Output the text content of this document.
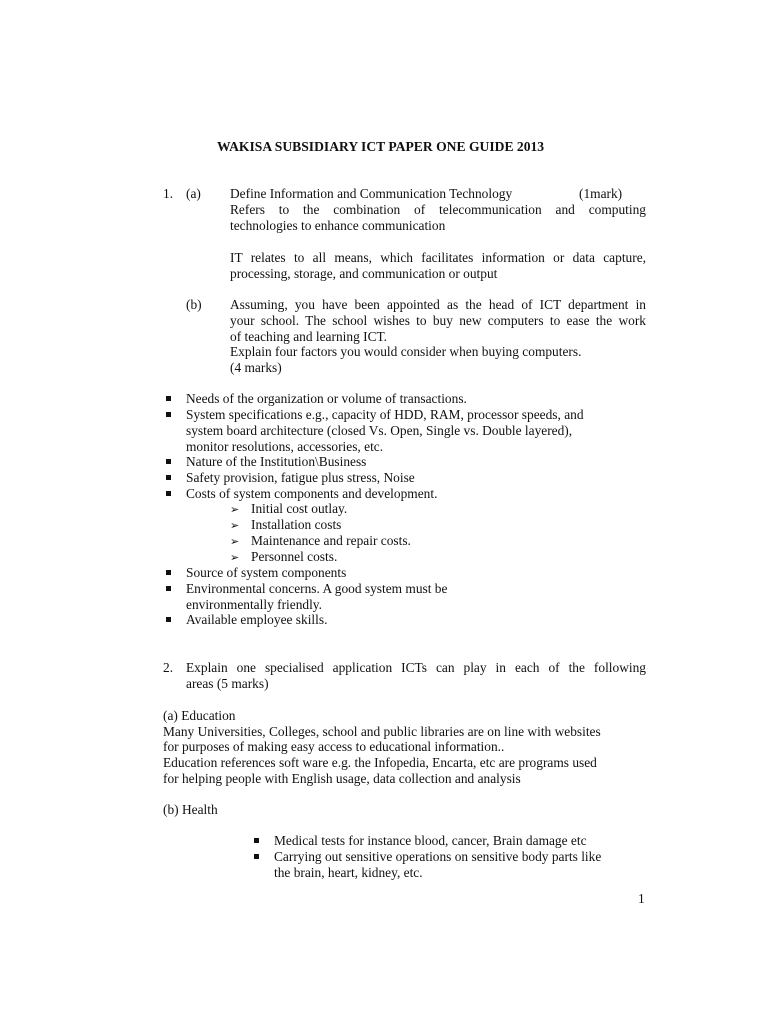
WAKISA SUBSIDIARY ICT PAPER ONE GUIDE 2013
1. (a) Define Information and Communication Technology	(1mark)
Refers to the combination of telecommunication and computing
technologies to enhance communication
IT relates to all means, which facilitates information or data capture,
processing, storage, and communication or output
(b) Assuming, you have been appointed as the head of ICT department in
your school. The school wishes to buy new computers to ease the work
of teaching and learning ICT.
Explain four factors you would consider when buying computers.
(4 marks)
Needs of the organization or volume of transactions.
System specifications e.g., capacity of HDD, RAM, processor speeds, and
system board architecture (closed Vs. Open, Single vs. Double layered),
monitor resolutions, accessories, etc.
Nature of the Institution\Business
Safety provision, fatigue plus stress, Noise
Costs of system components and development.
➢ Initial cost outlay.
➢ Installation costs
➢ Maintenance and repair costs.
➢ Personnel costs.
Source of system components
Environmental concerns. A good system must be
environmentally friendly.
Available employee skills.
2. Explain one specialised application ICTs can play in each of the following
areas (5 marks)
(a) Education
Many Universities, Colleges, school and public libraries are on line with websites
for purposes of making easy access to educational information..
Education references soft ware e.g. the Infopedia, Encarta, etc are programs used
for helping people with English usage, data collection and analysis
(b) Health
Medical tests for instance blood, cancer, Brain damage etc
Carrying out sensitive operations on sensitive body parts like
the brain, heart, kidney, etc.
1
